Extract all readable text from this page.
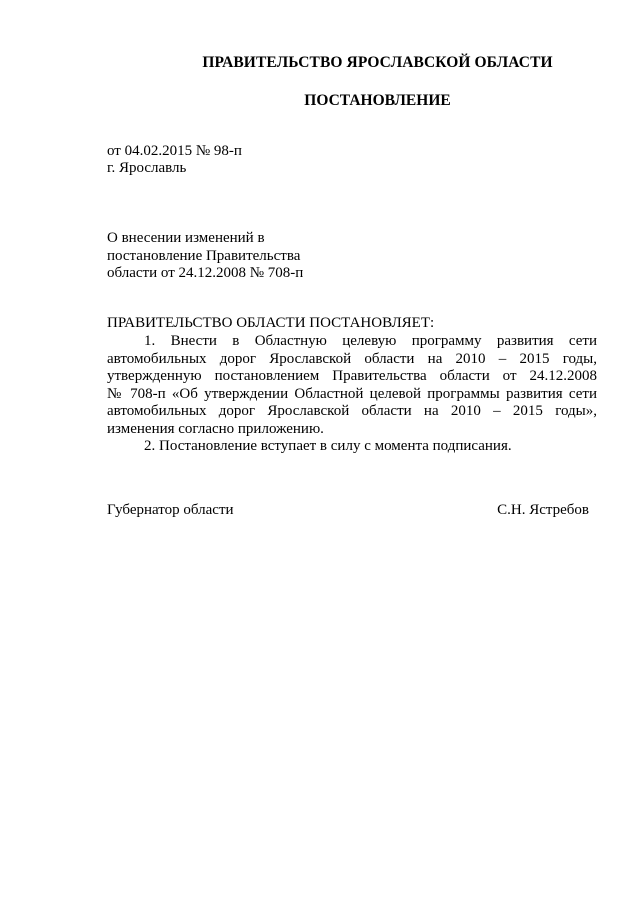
ПРАВИТЕЛЬСТВО ЯРОСЛАВСКОЙ ОБЛАСТИ
ПОСТАНОВЛЕНИЕ
от 04.02.2015 № 98-п
г. Ярославль
О внесении изменений в
постановление Правительства
области от 24.12.2008 № 708-п
ПРАВИТЕЛЬСТВО ОБЛАСТИ ПОСТАНОВЛЯЕТ:
1. Внести в Областную целевую программу развития сети
автомобильных дорог Ярославской области на 2010 – 2015 годы,
утвержденную постановлением Правительства области от 24.12.2008
№ 708-п «Об утверждении Областной целевой программы развития сети
автомобильных дорог Ярославской области на 2010 – 2015 годы»,
изменения согласно приложению.
2. Постановление вступает в силу с момента подписания.
Губернатор области	С.Н. Ястребов
